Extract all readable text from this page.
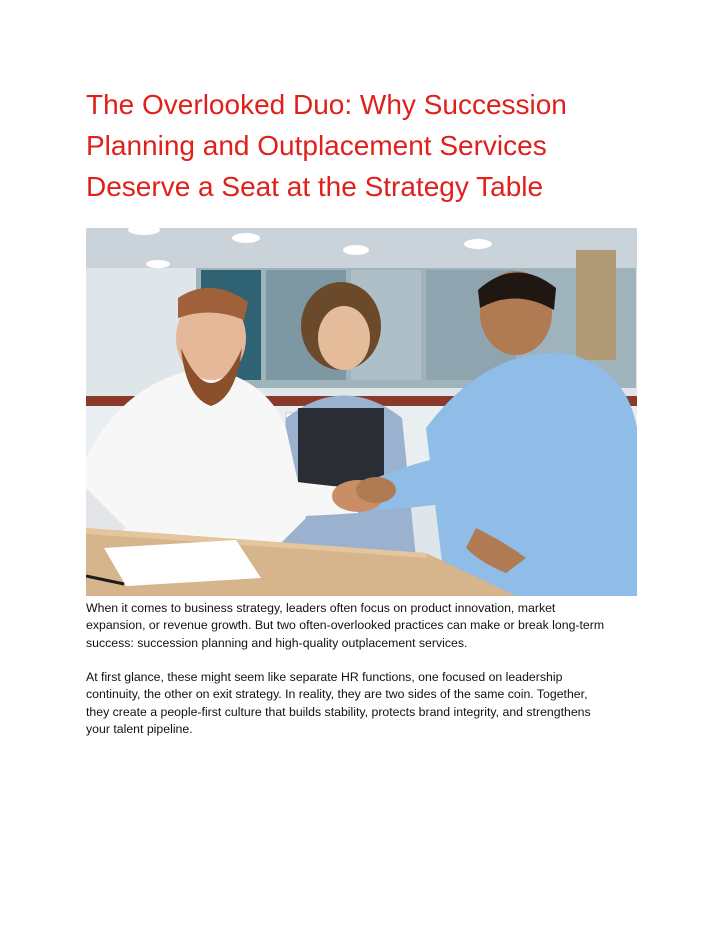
The Overlooked Duo: Why Succession
Planning and Outplacement Services
Deserve a Seat at the Strategy Table

When it comes to business strategy, leaders often focus on product innovation, market
expansion, or revenue growth. But two often-overlooked practices can make or break long-term
success: succession planning and high-quality outplacement services.

At first glance, these might seem like separate HR functions, one focused on leadership
continuity, the other on exit strategy. In reality, they are two sides of the same coin. Together,
they create a people-first culture that builds stability, protects brand integrity, and strengthens
your talent pipeline.
